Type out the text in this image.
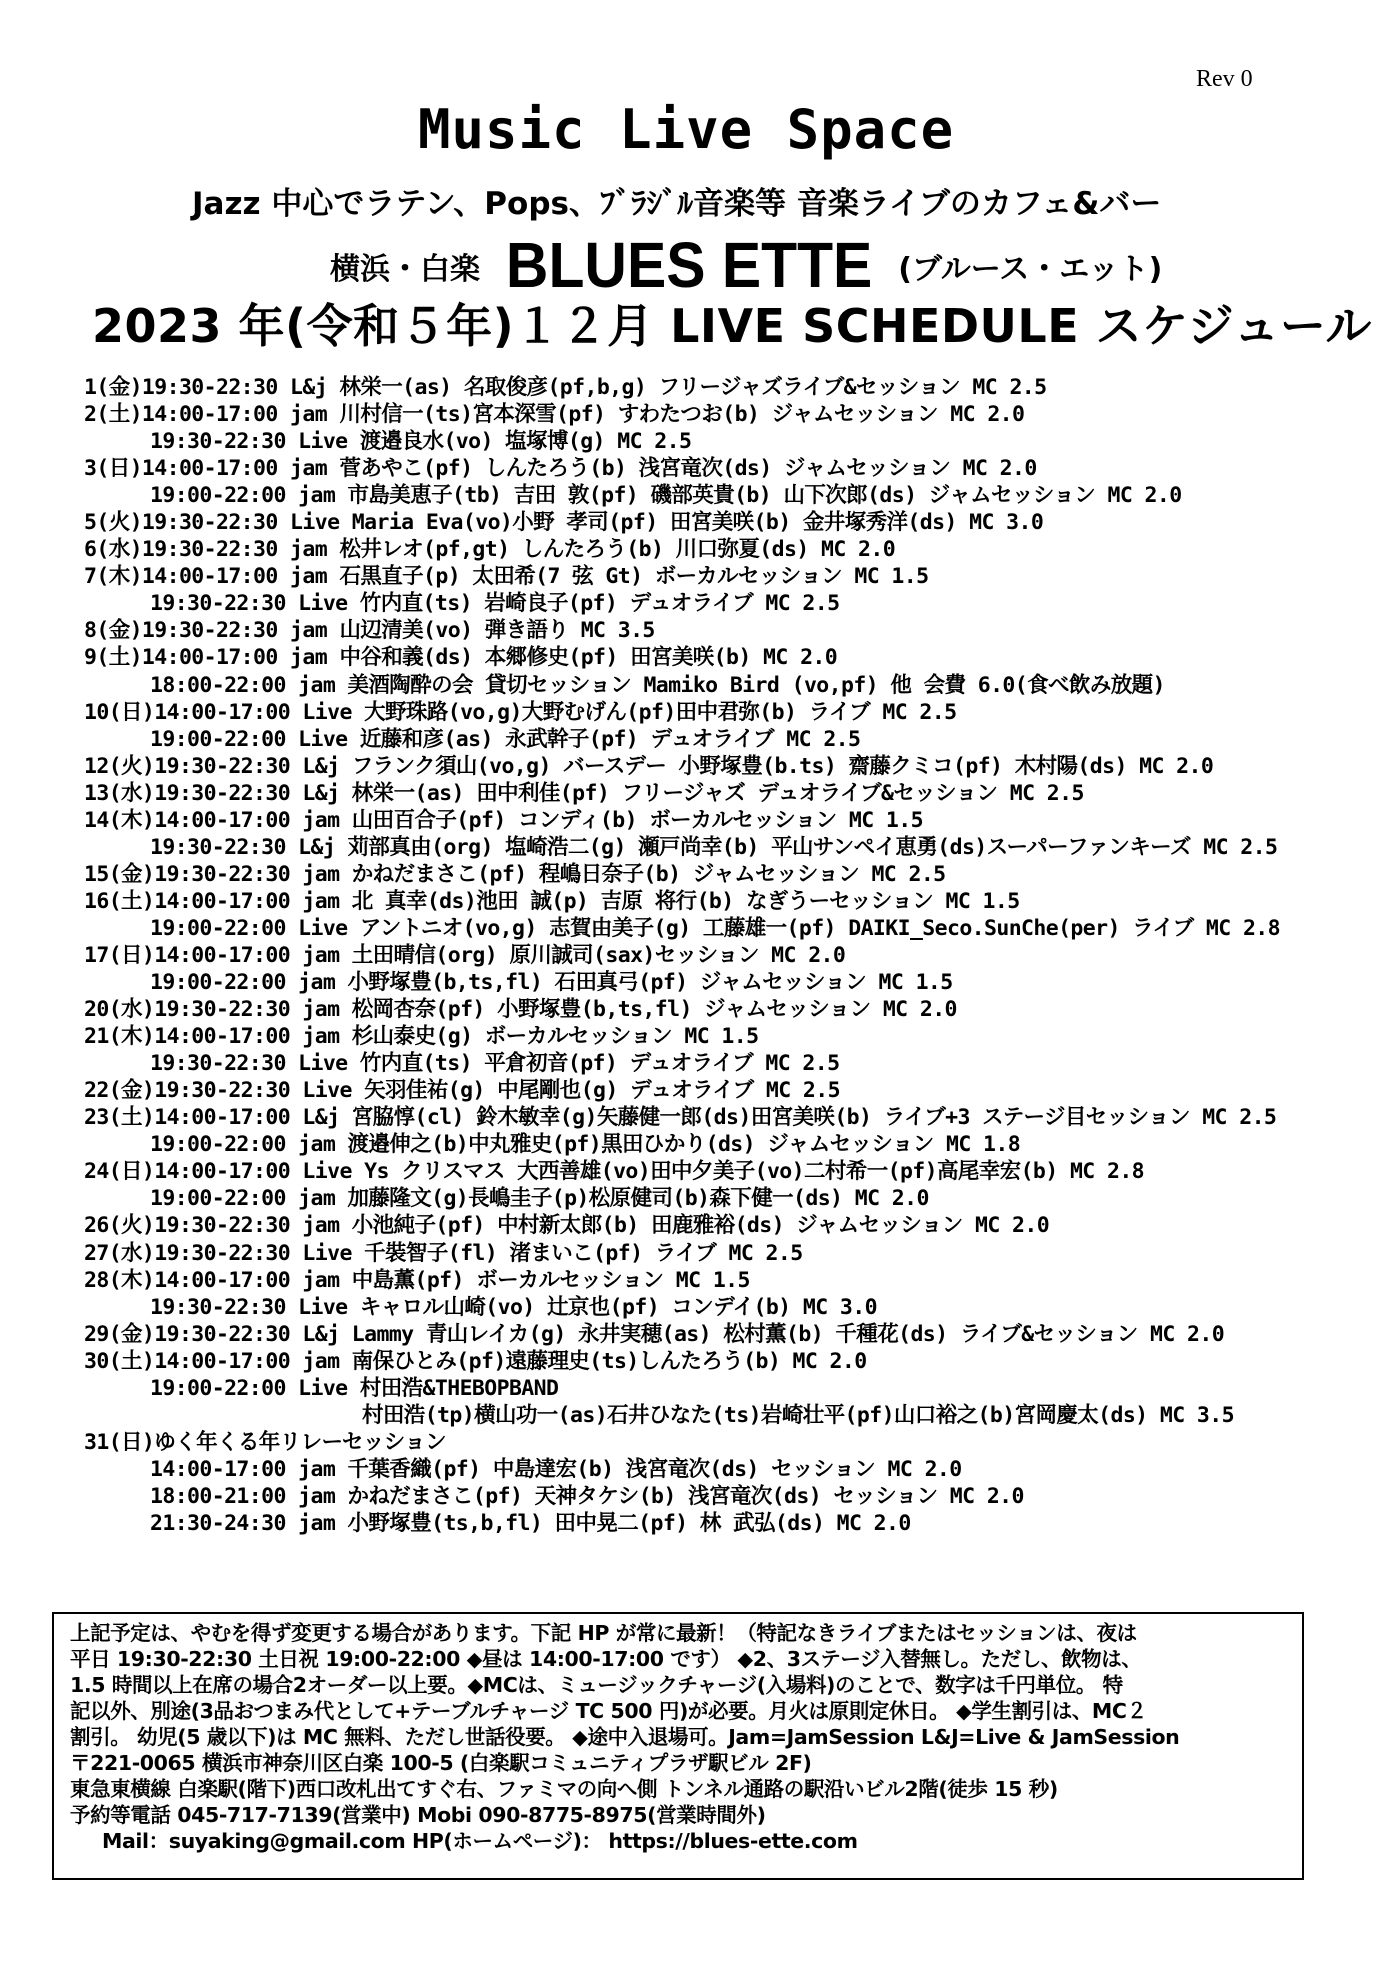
Rev 0
Music Live Space
Jazz 中心でラテン、Pops、ﾌﾞﾗｼﾞﾙ音楽等 音楽ライブのカフェ&バー
横浜・白楽 BLUES ETTE (ブルース・エット)
2023 年(令和５年)１２月 LIVE SCHEDULE スケジュール
1(金)19:30-22:30 L&j 林栄一(as) 名取俊彦(pf,b,g) フリージャズライブ&セッション MC 2.5
2(土)14:00-17:00 jam 川村信一(ts)宮本深雪(pf) すわたつお(b) ジャムセッション MC 2.0
19:30-22:30 Live 渡邉良水(vo) 塩塚博(g) MC 2.5
3(日)14:00-17:00 jam 菅あやこ(pf) しんたろう(b) 浅宮竜次(ds) ジャムセッション MC 2.0
19:00-22:00 jam 市島美恵子(tb) 吉田 敦(pf) 磯部英貴(b) 山下次郎(ds) ジャムセッション MC 2.0
5(火)19:30-22:30 Live Maria Eva(vo)小野 孝司(pf) 田宮美咲(b) 金井塚秀洋(ds) MC 3.0
6(水)19:30-22:30 jam 松井レオ(pf,gt) しんたろう(b) 川口弥夏(ds) MC 2.0
7(木)14:00-17:00 jam 石黒直子(p) 太田希(7 弦 Gt) ボーカルセッション MC 1.5
19:30-22:30 Live 竹内直(ts) 岩崎良子(pf) デュオライブ MC 2.5
8(金)19:30-22:30 jam 山辺清美(vo) 弾き語り MC 3.5
9(土)14:00-17:00 jam 中谷和義(ds) 本郷修史(pf) 田宮美咲(b) MC 2.0
18:00-22:00 jam 美酒陶酔の会 貸切セッション Mamiko Bird (vo,pf) 他 会費 6.0(食べ飲み放題)
10(日)14:00-17:00 Live 大野珠路(vo,g)大野むげん(pf)田中君弥(b) ライブ MC 2.5
19:00-22:00 Live 近藤和彦(as) 永武幹子(pf) デュオライブ MC 2.5
12(火)19:30-22:30 L&j フランク須山(vo,g) バースデー 小野塚豊(b.ts) 齋藤クミコ(pf) 木村陽(ds) MC 2.0
13(水)19:30-22:30 L&j 林栄一(as) 田中利佳(pf) フリージャズ デュオライブ&セッション MC 2.5
14(木)14:00-17:00 jam 山田百合子(pf) コンディ(b) ボーカルセッション MC 1.5
19:30-22:30 L&j 苅部真由(org) 塩崎浩二(g) 瀬戸尚幸(b) 平山サンペイ恵勇(ds)スーパーファンキーズ MC 2.5
15(金)19:30-22:30 jam かねだまさこ(pf) 程嶋日奈子(b) ジャムセッション MC 2.5
16(土)14:00-17:00 jam 北 真幸(ds)池田 誠(p) 吉原 将行(b) なぎうーセッション MC 1.5
19:00-22:00 Live アントニオ(vo,g) 志賀由美子(g) 工藤雄一(pf) DAIKI_Seco.SunChe(per) ライブ MC 2.8
17(日)14:00-17:00 jam 土田晴信(org) 原川誠司(sax)セッション MC 2.0
19:00-22:00 jam 小野塚豊(b,ts,fl) 石田真弓(pf) ジャムセッション MC 1.5
20(水)19:30-22:30 jam 松岡杏奈(pf) 小野塚豊(b,ts,fl) ジャムセッション MC 2.0
21(木)14:00-17:00 jam 杉山泰史(g) ボーカルセッション MC 1.5
19:30-22:30 Live 竹内直(ts) 平倉初音(pf) デュオライブ MC 2.5
22(金)19:30-22:30 Live 矢羽佳祐(g) 中尾剛也(g) デュオライブ MC 2.5
23(土)14:00-17:00 L&j 宮脇惇(cl) 鈴木敏幸(g)矢藤健一郎(ds)田宮美咲(b) ライブ+3 ステージ目セッション MC 2.5
19:00-22:00 jam 渡邉伸之(b)中丸雅史(pf)黒田ひかり(ds) ジャムセッション MC 1.8
24(日)14:00-17:00 Live Ys クリスマス 大西善雄(vo)田中夕美子(vo)二村希一(pf)高尾幸宏(b) MC 2.8
19:00-22:00 jam 加藤隆文(g)長嶋圭子(p)松原健司(b)森下健一(ds) MC 2.0
26(火)19:30-22:30 jam 小池純子(pf) 中村新太郎(b) 田鹿雅裕(ds) ジャムセッション MC 2.0
27(水)19:30-22:30 Live 千裝智子(fl) 渚まいこ(pf) ライブ MC 2.5
28(木)14:00-17:00 jam 中島薫(pf) ボーカルセッション MC 1.5
19:30-22:30 Live キャロル山崎(vo) 辻京也(pf) コンデイ(b) MC 3.0
29(金)19:30-22:30 L&j Lammy 青山レイカ(g) 永井実穂(as) 松村薫(b) 千種花(ds) ライブ&セッション MC 2.0
30(土)14:00-17:00 jam 南保ひとみ(pf)遠藤理史(ts)しんたろう(b) MC 2.0
19:00-22:00 Live 村田浩&THEBOPBAND
村田浩(tp)横山功一(as)石井ひなた(ts)岩崎壮平(pf)山口裕之(b)宮岡慶太(ds) MC 3.5
31(日)ゆく年くる年リレーセッション
14:00-17:00 jam 千葉香織(pf) 中島達宏(b) 浅宮竜次(ds) セッション MC 2.0
18:00-21:00 jam かねだまさこ(pf) 天神タケシ(b) 浅宮竜次(ds) セッション MC 2.0
21:30-24:30 jam 小野塚豊(ts,b,fl) 田中晃二(pf) 林 武弘(ds) MC 2.0
上記予定は、やむを得ず変更する場合があります。下記 HP が常に最新！（特記なきライブまたはセッションは、夜は
平日 19:30-22:30 土日祝 19:00-22:00 ◆昼は 14:00-17:00 です） ◆2、3ステージ入替無し。ただし、飲物は、
1.5 時間以上在席の場合2オーダー以上要。◆MCは、ミュージックチャージ(入場料)のことで、数字は千円単位。 特
記以外、別途(3品おつまみ代として+テーブルチャージ TC 500 円)が必要。月火は原則定休日。 ◆学生割引は、MC２
割引。 幼児(5 歳以下)は MC 無料、ただし世話役要。 ◆途中入退場可。Jam=JamSession L&J=Live & JamSession
〒221-0065 横浜市神奈川区白楽 100-5 (白楽駅コミュニティプラザ駅ビル 2F)
東急東横線 白楽駅(階下)西口改札出てすぐ右、ファミマの向へ側 トンネル通路の駅沿いビル2階(徒歩 15 秒)
予約等電話 045-717-7139(営業中) Mobi 090-8775-8975(営業時間外)
Mail：suyaking@gmail.com HP(ホームページ)： https://blues-ette.com
